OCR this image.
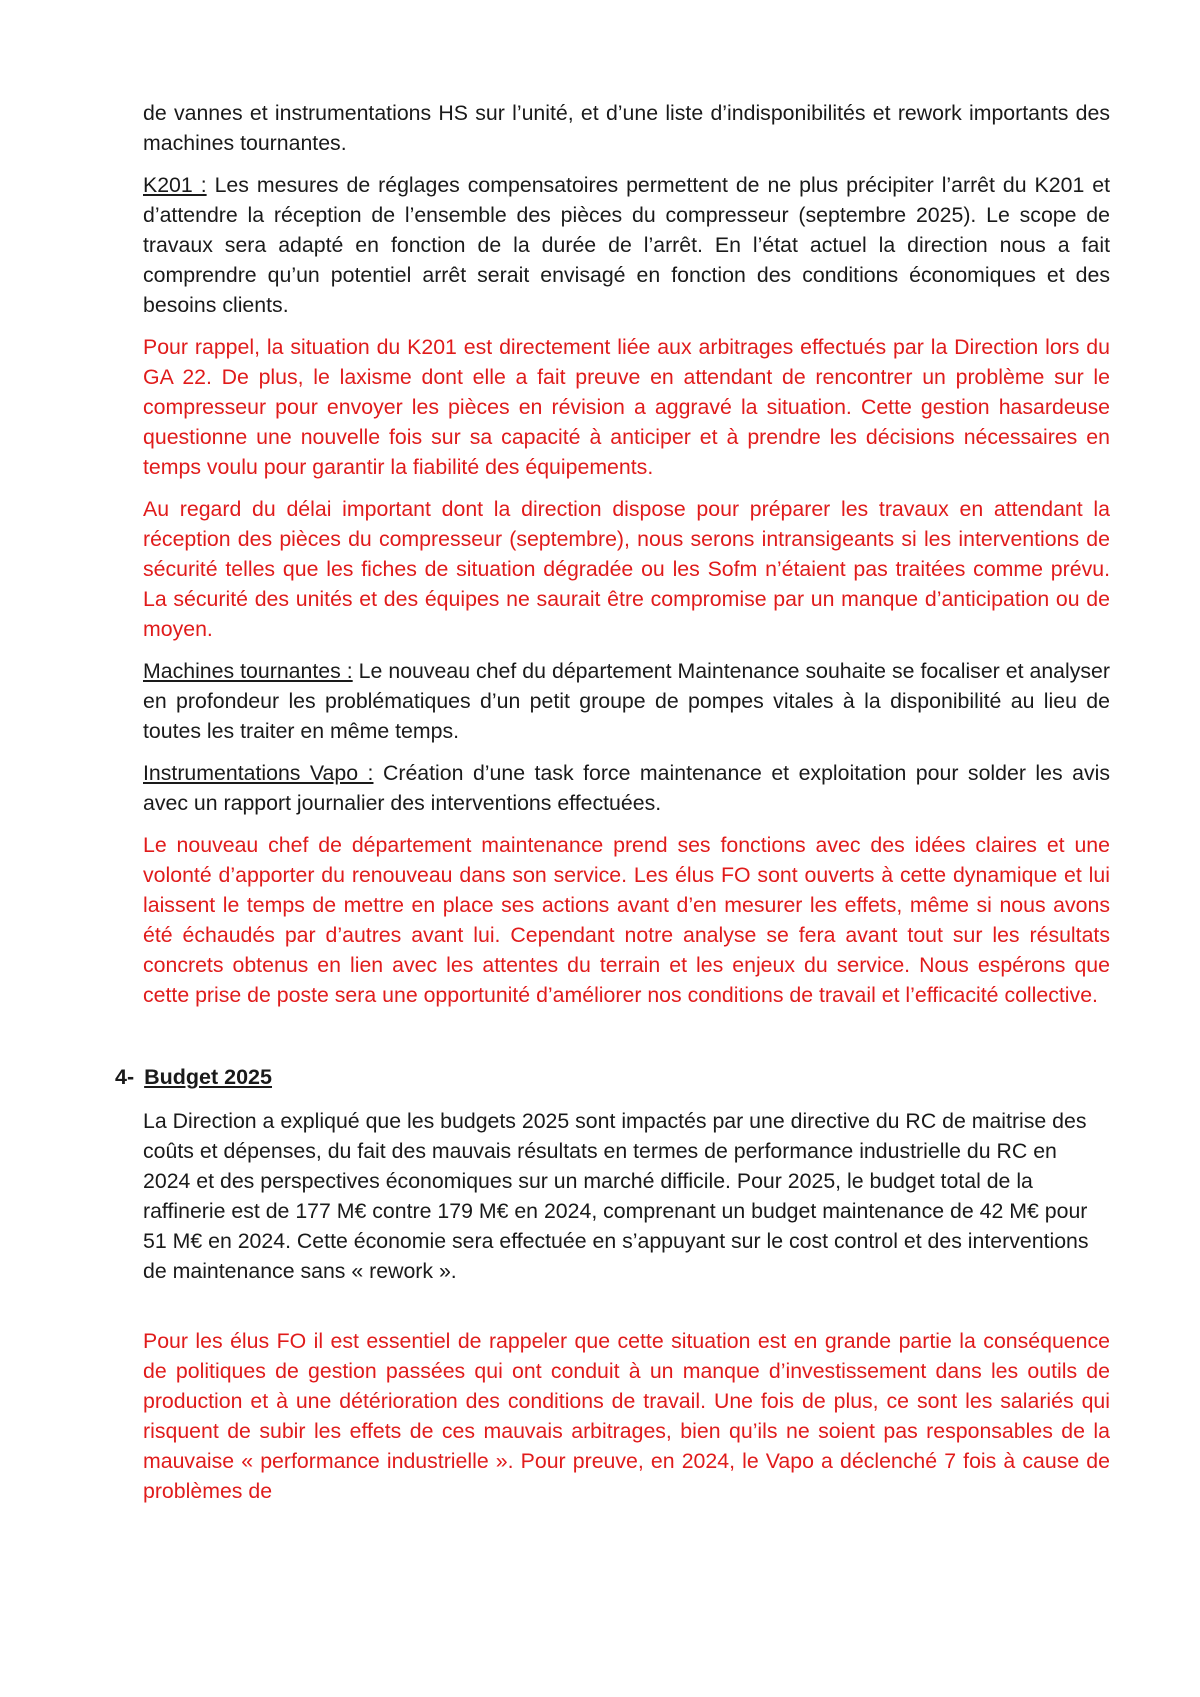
de vannes et instrumentations HS sur l’unité, et d’une liste d’indisponibilités et rework importants des machines tournantes.

K201 : Les mesures de réglages compensatoires permettent de ne plus précipiter l’arrêt du K201 et d’attendre la réception de l’ensemble des pièces du compresseur (septembre 2025). Le scope de travaux sera adapté en fonction de la durée de l’arrêt. En l’état actuel la direction nous a fait comprendre qu’un potentiel arrêt serait envisagé en fonction des conditions économiques et des besoins clients.

Pour rappel, la situation du K201 est directement liée aux arbitrages effectués par la Direction lors du GA 22. De plus, le laxisme dont elle a fait preuve en attendant de rencontrer un problème sur le compresseur pour envoyer les pièces en révision a aggravé la situation. Cette gestion hasardeuse questionne une nouvelle fois sur sa capacité à anticiper et à prendre les décisions nécessaires en temps voulu pour garantir la fiabilité des équipements.

Au regard du délai important dont la direction dispose pour préparer les travaux en attendant la réception des pièces du compresseur (septembre), nous serons intransigeants si les interventions de sécurité telles que les fiches de situation dégradée ou les Sofm n’étaient pas traitées comme prévu. La sécurité des unités et des équipes ne saurait être compromise par un manque d’anticipation ou de moyen.

Machines tournantes : Le nouveau chef du département Maintenance souhaite se focaliser et analyser en profondeur les problématiques d’un petit groupe de pompes vitales à la disponibilité au lieu de toutes les traiter en même temps.

Instrumentations Vapo : Création d’une task force maintenance et exploitation pour solder les avis avec un rapport journalier des interventions effectuées.

Le nouveau chef de département maintenance prend ses fonctions avec des idées claires et une volonté d’apporter du renouveau dans son service. Les élus FO sont ouverts à cette dynamique et lui laissent le temps de mettre en place ses actions avant d’en mesurer les effets, même si nous avons été échaudés par d’autres avant lui. Cependant notre analyse se fera avant tout sur les résultats concrets obtenus en lien avec les attentes du terrain et les enjeux du service. Nous espérons que cette prise de poste sera une opportunité d’améliorer nos conditions de travail et l’efficacité collective.

4- Budget 2025

La Direction a expliqué que les budgets 2025 sont impactés par une directive du RC de maitrise des coûts et dépenses, du fait des mauvais résultats en termes de performance industrielle du RC en 2024 et des perspectives économiques sur un marché difficile. Pour 2025, le budget total de la raffinerie est de 177 M€ contre 179 M€ en 2024, comprenant un budget maintenance de 42 M€ pour 51 M€ en 2024. Cette économie sera effectuée en s’appuyant sur le cost control et des interventions de maintenance sans « rework ».

Pour les élus FO il est essentiel de rappeler que cette situation est en grande partie la conséquence de politiques de gestion passées qui ont conduit à un manque d’investissement dans les outils de production et à une détérioration des conditions de travail. Une fois de plus, ce sont les salariés qui risquent de subir les effets de ces mauvais arbitrages, bien qu’ils ne soient pas responsables de la mauvaise « performance industrielle ». Pour preuve, en 2024, le Vapo a déclenché 7 fois à cause de problèmes de
